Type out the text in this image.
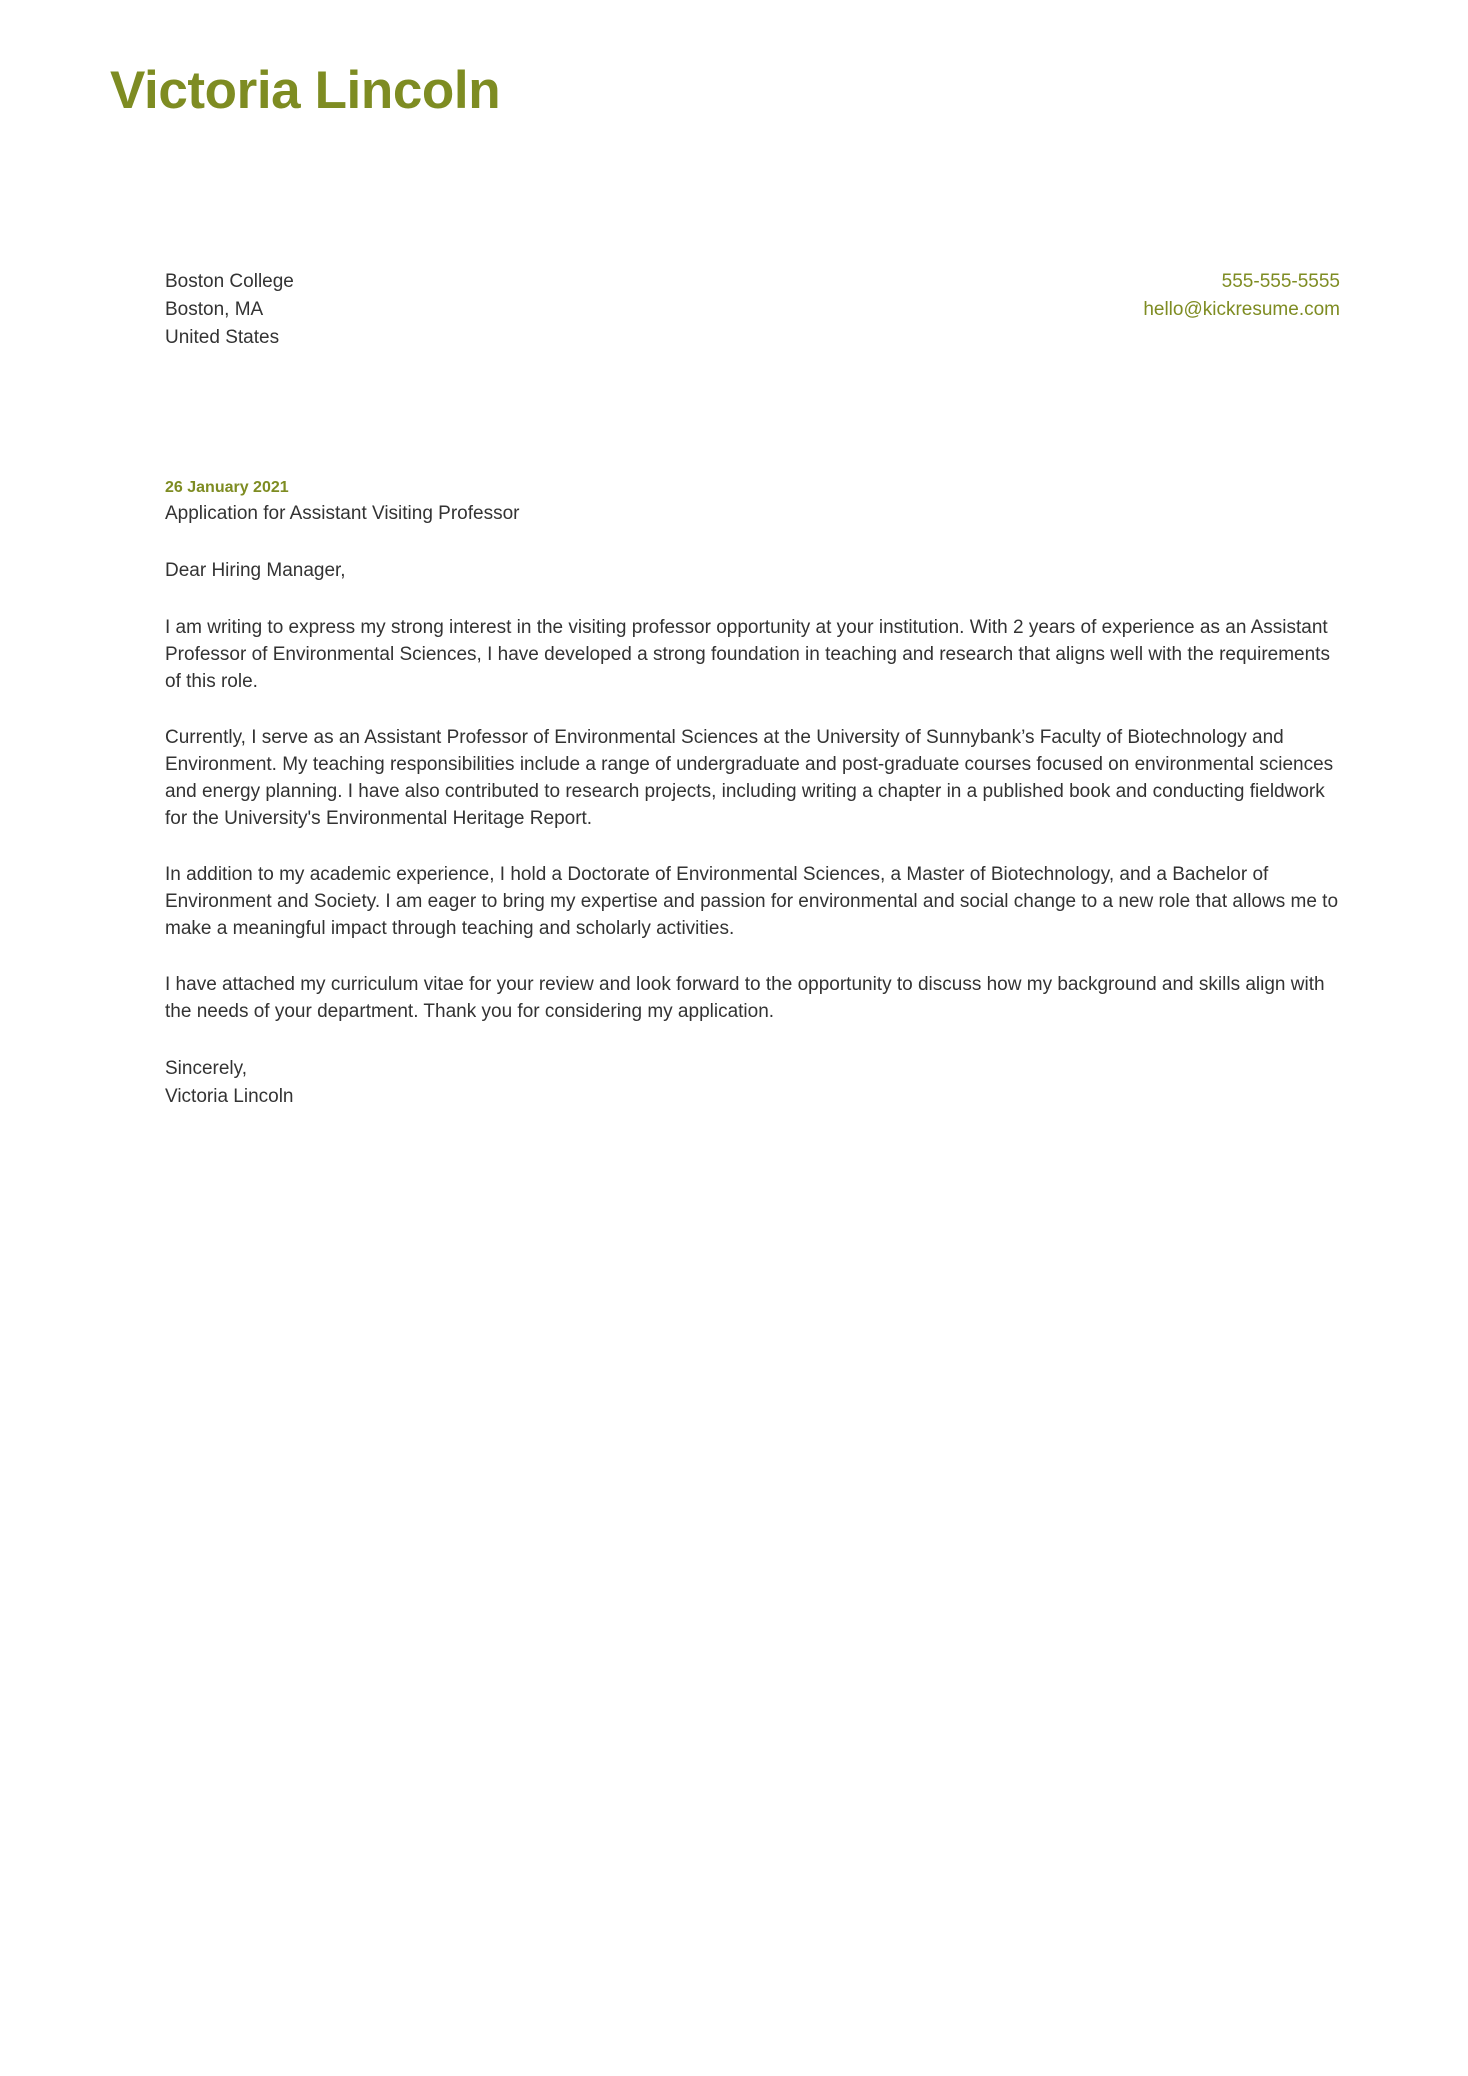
Victoria Lincoln
Boston College
Boston, MA
United States
555-555-5555
hello@kickresume.com

26 January 2021

Application for Assistant Visiting Professor

Dear Hiring Manager,

I am writing to express my strong interest in the visiting professor opportunity at your institution. With 2 years of experience as an Assistant Professor of Environmental Sciences, I have developed a strong foundation in teaching and research that aligns well with the requirements of this role.

Currently, I serve as an Assistant Professor of Environmental Sciences at the University of Sunnybank’s Faculty of Biotechnology and Environment. My teaching responsibilities include a range of undergraduate and post-graduate courses focused on environmental sciences and energy planning. I have also contributed to research projects, including writing a chapter in a published book and conducting fieldwork for the University's Environmental Heritage Report.

In addition to my academic experience, I hold a Doctorate of Environmental Sciences, a Master of Biotechnology, and a Bachelor of Environment and Society. I am eager to bring my expertise and passion for environmental and social change to a new role that allows me to make a meaningful impact through teaching and scholarly activities.

I have attached my curriculum vitae for your review and look forward to the opportunity to discuss how my background and skills align with the needs of your department. Thank you for considering my application.

Sincerely,
Victoria Lincoln
